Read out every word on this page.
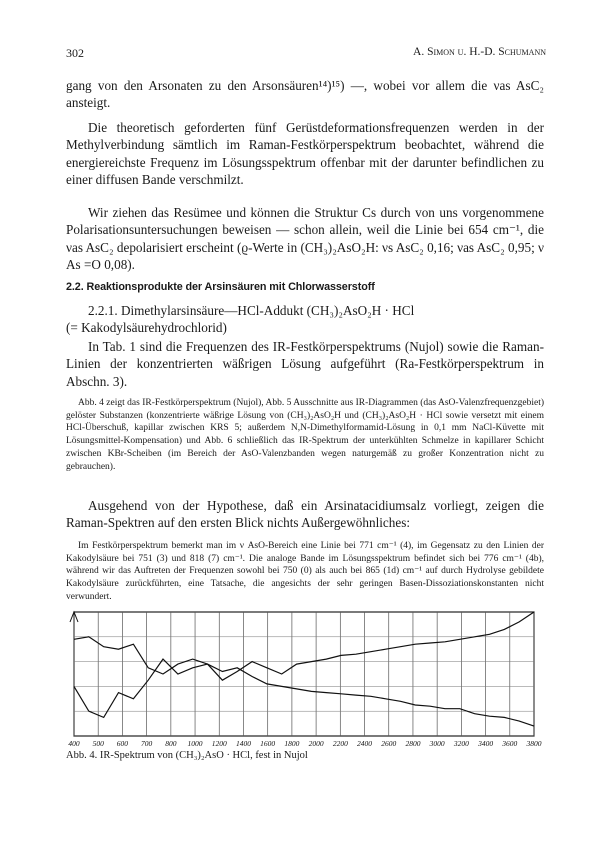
302	A. Simon u. H.-D. Schumann
gang von den Arsonaten zu den Arsonsäuren¹⁴)¹⁵) —, wobei vor allem die νas AsC₂ ansteigt.
Die theoretisch geforderten fünf Gerüstdeformationsfrequenzen werden in der Methylverbindung sämtlich im Raman-Festkörperspektrum beobachtet, während die energiereichste Frequenz im Lösungsspektrum offenbar mit der darunter befindlichen zu einer diffusen Bande verschmilzt.
Wir ziehen das Resümee und können die Struktur Cs durch von uns vorgenommene Polarisationsuntersuchungen beweisen — schon allein, weil die Linie bei 654 cm⁻¹, die νas AsC₂ depolarisiert erscheint (ϱ-Werte in (CH₃)₂AsO₂H: νs AsC₂ 0,16; νas AsC₂ 0,95; ν As =O 0,08).
2.2. Reaktionsprodukte der Arsinsäuren mit Chlorwasserstoff
2.2.1. Dimethylarsinsäure—HCl-Addukt (CH₃)₂AsO₂H · HCl
(= Kakodylsäurehydrochlorid)
In Tab. 1 sind die Frequenzen des IR-Festkörperspektrums (Nujol) sowie die Raman-Linien der konzentrierten wäßrigen Lösung aufgeführt (Ra-Festkörperspektrum in Abschn. 3).
Abb. 4 zeigt das IR-Festkörperspektrum (Nujol), Abb. 5 Ausschnitte aus IR-Diagrammen (das AsO-Valenzfrequenzgebiet) gelöster Substanzen (konzentrierte wäßrige Lösung von (CH₃)₂AsO₂H und (CH₃)₂AsO₂H · HCl sowie versetzt mit einem HCl-Überschuß, kapillar zwischen KRS 5; außerdem N,N-Dimethylformamid-Lösung in 0,1 mm NaCl-Küvette mit Lösungsmittel-Kompensation) und Abb. 6 schließlich das IR-Spektrum der unterkühlten Schmelze in kapillarer Schicht zwischen KBr-Scheiben (im Bereich der AsO-Valenzbanden wegen naturgemäß zu großer Konzentration nicht zu gebrauchen).
Ausgehend von der Hypothese, daß ein Arsinatacidiumsalz vorliegt, zeigen die Raman-Spektren auf den ersten Blick nichts Außergewöhnliches:
Im Festkörperspektrum bemerkt man im ν AsO-Bereich eine Linie bei 771 cm⁻¹ (4), im Gegensatz zu den Linien der Kakodylsäure bei 751 (3) und 818 (7) cm⁻¹. Die analoge Bande im Lösungsspektrum befindet sich bei 776 cm⁻¹ (4b), während wir das Auftreten der Frequenzen sowohl bei 750 (0) als auch bei 865 (1d) cm⁻¹ auf durch Hydrolyse gebildete Kakodylsäure zurückführten, eine Tatsache, die angesichts der sehr geringen Basen-Dissoziationskonstanten nicht verwundert.
400 500 600 700 800 1000 1200 1400 1600 1800 2000 2200 2400 2600 2800 3000 3200 3400 3600 3800
Abb. 4. IR-Spektrum von (CH₃)₂AsO · HCl, fest in Nujol
